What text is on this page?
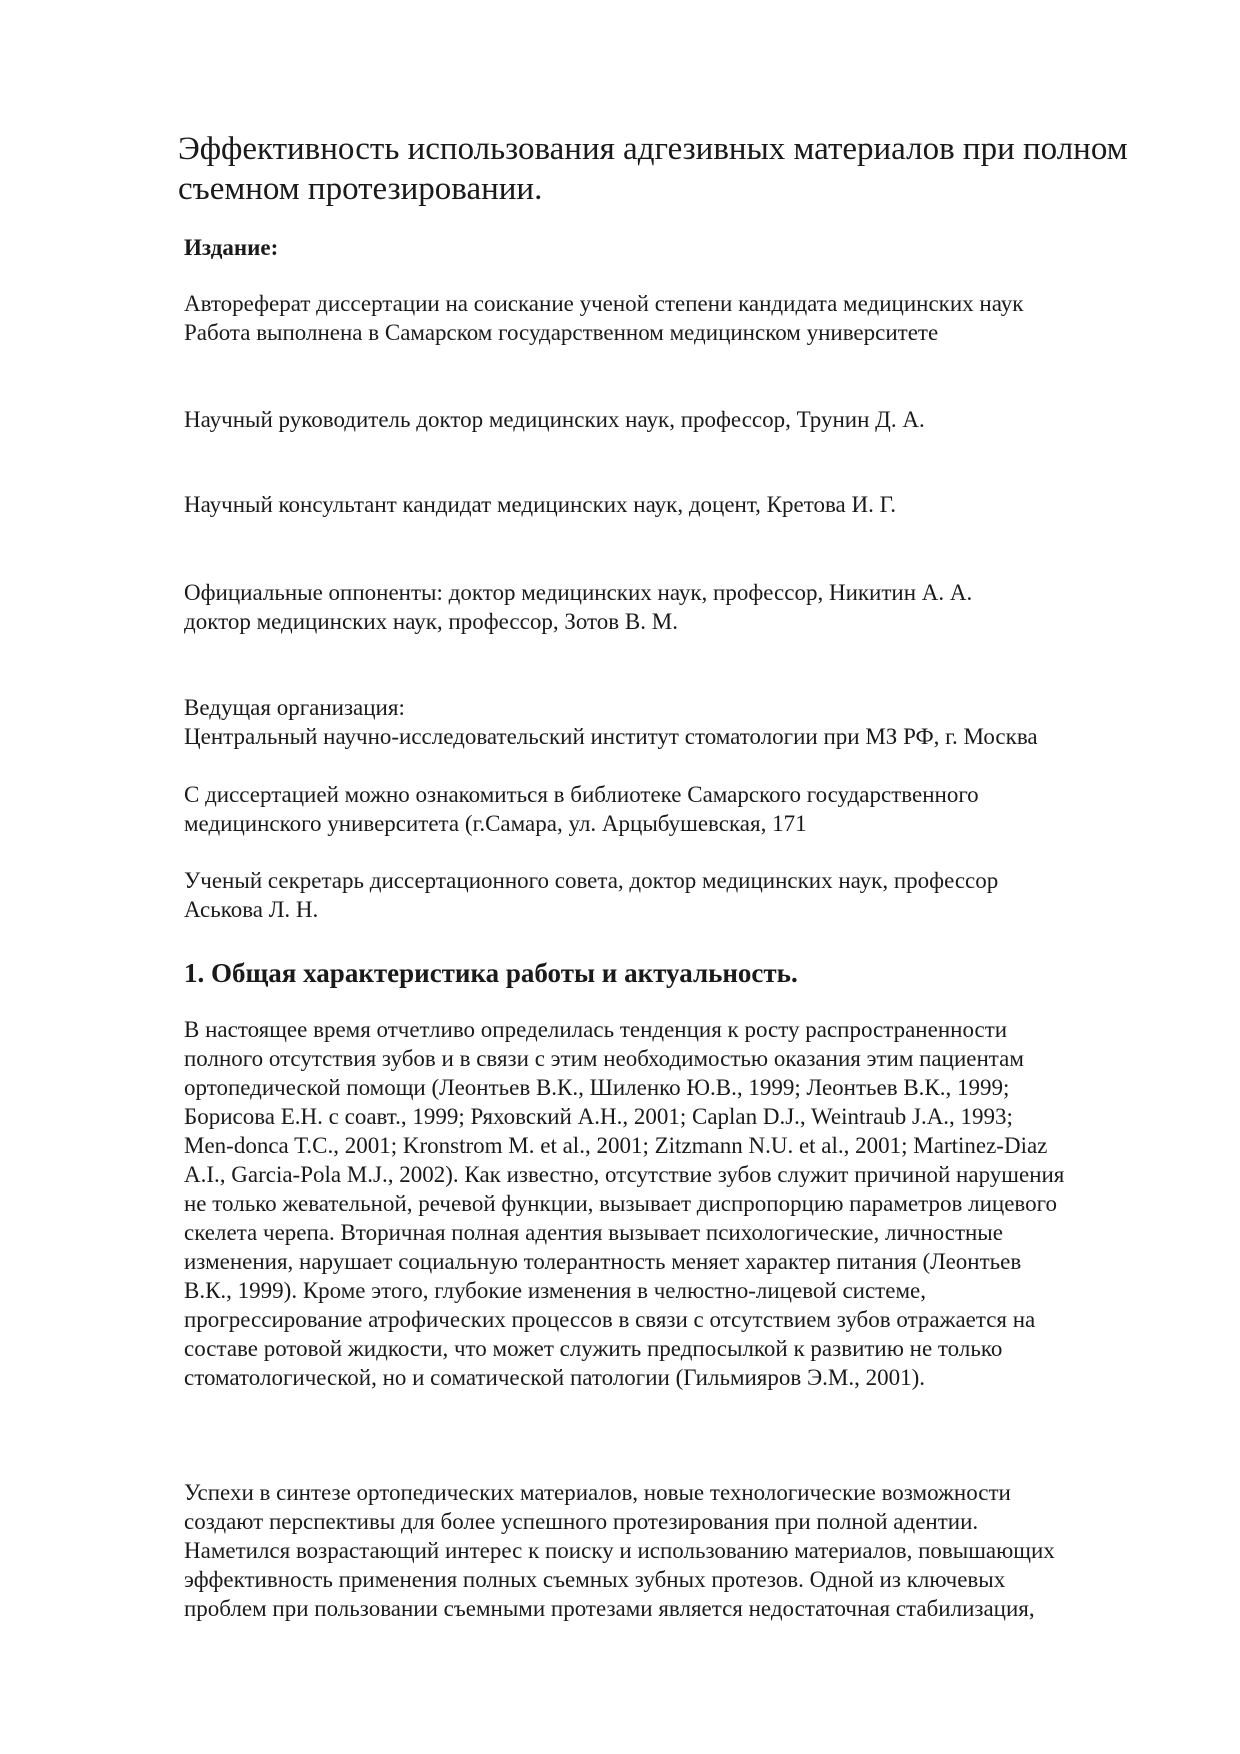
Эффективность использования адгезивных материалов при полном
съемном протезировании.
Издание:
Автореферат диссертации на соискание ученой степени кандидата медицинских наук
Работа выполнена в Самарском государственном медицинском университете
Научный руководитель доктор медицинских наук, профессор, Трунин Д. А.
Научный консультант кандидат медицинских наук, доцент, Кретова И. Г.
Официальные оппоненты: доктор медицинских наук, профессор, Никитин А. А.
доктор медицинских наук, профессор, Зотов В. М.
Ведущая организация:
Центральный научно-исследовательский институт стоматологии при МЗ РФ, г. Москва
С диссертацией можно ознакомиться в библиотеке Самарского государственного
медицинского университета (г.Самара, ул. Арцыбушевская, 171
Ученый секретарь диссертационного совета, доктор медицинских наук, профессор
Аськова Л. Н.
1. Общая характеристика работы и актуальность.
В настоящее время отчетливо определилась тенденция к росту распространенности
полного отсутствия зубов и в связи с этим необходимостью оказания этим пациентам
ортопедической помощи (Леонтьев В.К., Шиленко Ю.В., 1999; Леонтьев В.К., 1999;
Борисова Е.Н. с соавт., 1999; Ряховский А.Н., 2001; Caplan D.J., Weintraub J.A., 1993;
Men-donca T.C., 2001; Kronstrom M. et al., 2001; Zitzmann N.U. et al., 2001; Martinez-Diaz
A.I., Garcia-Pola M.J., 2002). Как известно, отсутствие зубов служит причиной нарушения
не только жевательной, речевой функции, вызывает диспропорцию параметров лицевого
скелета черепа. Вторичная полная адентия вызывает психологические, личностные
изменения, нарушает социальную толерантность меняет характер питания (Леонтьев
В.К., 1999). Кроме этого, глубокие изменения в челюстно-лицевой системе,
прогрессирование атрофических процессов в связи с отсутствием зубов отражается на
составе ротовой жидкости, что может служить предпосылкой к развитию не только
стоматологической, но и соматической патологии (Гильмияров Э.М., 2001).
Успехи в синтезе ортопедических материалов, новые технологические возможности
создают перспективы для более успешного протезирования при полной адентии.
Наметился возрастающий интерес к поиску и использованию материалов, повышающих
эффективность применения полных съемных зубных протезов. Одной из ключевых
проблем при пользовании съемными протезами является недостаточная стабилизация,
